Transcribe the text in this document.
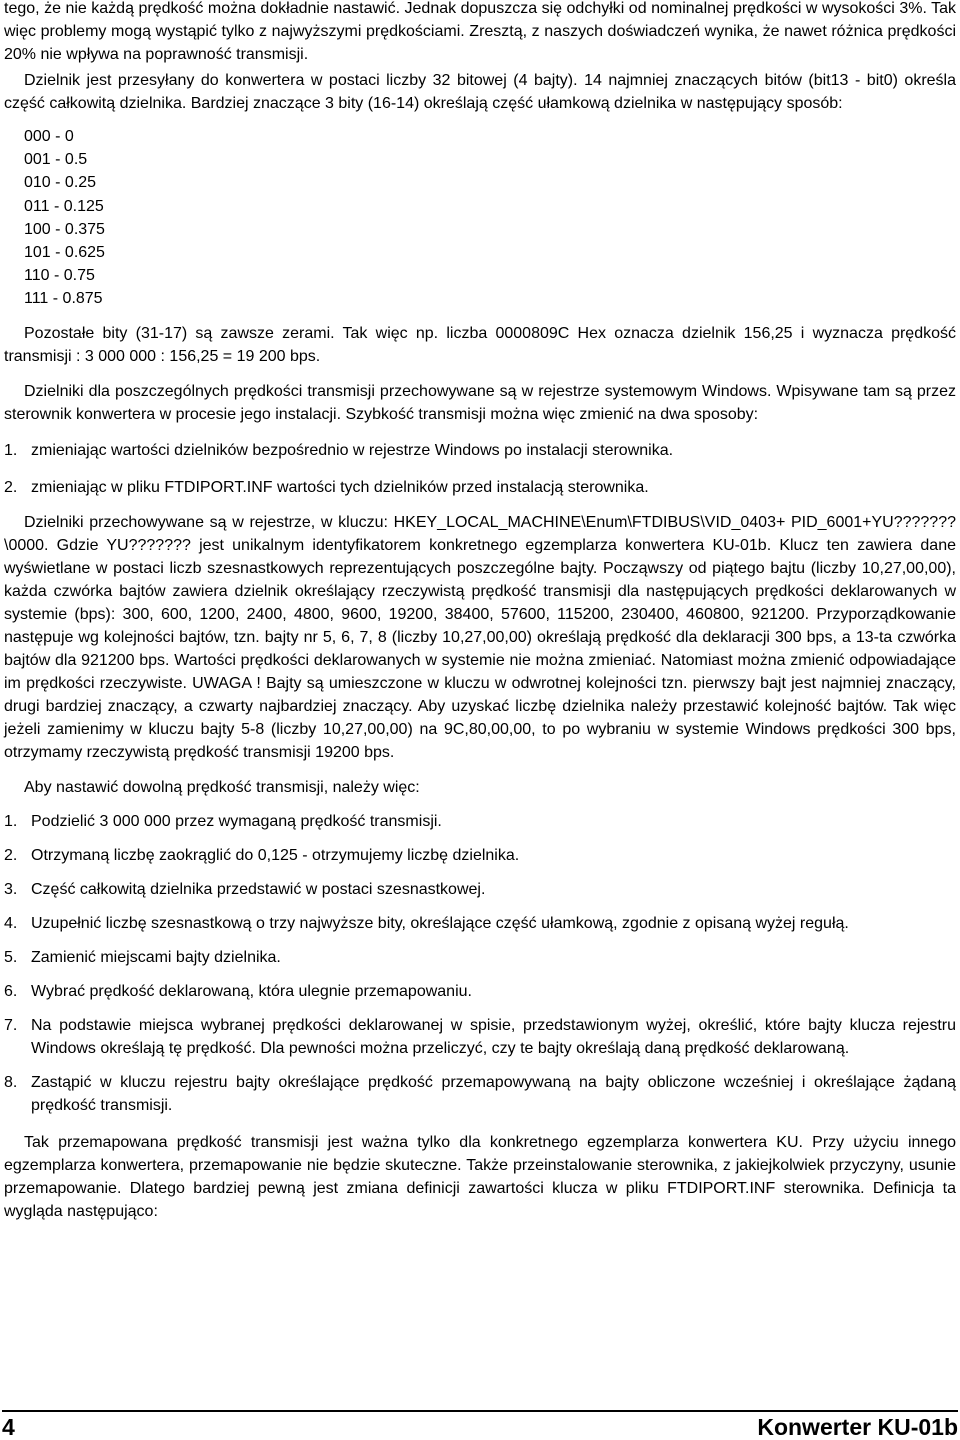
tego, że nie każdą prędkość można dokładnie nastawić. Jednak dopuszcza się odchyłki od nominalnej prędkości w wysokości 3%. Tak więc problemy mogą wystąpić tylko z najwyższymi prędkościami. Zresztą, z naszych doświadczeń wynika, że nawet różnica prędkości 20% nie wpływa na poprawność transmisji.

Dzielnik jest przesyłany do konwertera w postaci liczby 32 bitowej (4 bajty). 14 najmniej znaczących bitów (bit13 - bit0) określa część całkowitą dzielnika. Bardziej znaczące 3 bity (16-14) określają część ułamkową dzielnika w następujący sposób:

000 - 0
001 - 0.5
010 - 0.25
011 - 0.125
100 - 0.375
101 - 0.625
110 - 0.75
111 - 0.875

Pozostałe bity (31-17) są zawsze zerami. Tak więc np. liczba 0000809C Hex oznacza dzielnik 156,25 i wyznacza prędkość transmisji : 3 000 000 : 156,25 = 19 200 bps.

Dzielniki dla poszczególnych prędkości transmisji przechowywane są w rejestrze systemowym Windows. Wpisywane tam są przez sterownik konwertera w procesie jego instalacji. Szybkość transmisji można więc zmienić na dwa sposoby:

1. zmieniając wartości dzielników bezpośrednio w rejestrze Windows po instalacji sterownika.
2. zmieniając w pliku FTDIPORT.INF wartości tych dzielników przed instalacją sterownika.

Dzielniki przechowywane są w rejestrze, w kluczu: HKEY_LOCAL_MACHINE\Enum\FTDIBUS\VID_0403+ PID_6001+YU???????\0000. Gdzie YU??????? jest unikalnym identyfikatorem konkretnego egzemplarza konwertera KU-01b. Klucz ten zawiera dane wyświetlane w postaci liczb szesnastkowych reprezentujących poszczególne bajty. Począwszy od piątego bajtu (liczby 10,27,00,00), każda czwórka bajtów zawiera dzielnik określający rzeczywistą prędkość transmisji dla następujących prędkości deklarowanych w systemie (bps): 300, 600, 1200, 2400, 4800, 9600, 19200, 38400, 57600, 115200, 230400, 460800, 921200. Przyporządkowanie następuje wg kolejności bajtów, tzn. bajty nr 5, 6, 7, 8 (liczby 10,27,00,00) określają prędkość dla deklaracji 300 bps, a 13-ta czwórka bajtów dla 921200 bps. Wartości prędkości deklarowanych w systemie nie można zmieniać. Natomiast można zmienić odpowiadające im prędkości rzeczywiste. UWAGA ! Bajty są umieszczone w kluczu w odwrotnej kolejności tzn. pierwszy bajt jest najmniej znaczący, drugi bardziej znaczący, a czwarty najbardziej znaczący. Aby uzyskać liczbę dzielnika należy przestawić kolejność bajtów. Tak więc jeżeli zamienimy w kluczu bajty 5-8 (liczby 10,27,00,00) na 9C,80,00,00, to po wybraniu w systemie Windows prędkości 300 bps, otrzymamy rzeczywistą prędkość transmisji 19200 bps.

Aby nastawić dowolną prędkość transmisji, należy więc:

1. Podzielić 3 000 000 przez wymaganą prędkość transmisji.
2. Otrzymaną liczbę zaokrąglić do 0,125 - otrzymujemy liczbę dzielnika.
3. Część całkowitą dzielnika przedstawić w postaci szesnastkowej.
4. Uzupełnić liczbę szesnastkową o trzy najwyższe bity, określające część ułamkową, zgodnie z opisaną wyżej regułą.
5. Zamienić miejscami bajty dzielnika.
6. Wybrać prędkość deklarowaną, która ulegnie przemapowaniu.
7. Na podstawie miejsca wybranej prędkości deklarowanej w spisie, przedstawionym wyżej, określić, które bajty klucza rejestru Windows określają tę prędkość. Dla pewności można przeliczyć, czy te bajty określają daną prędkość deklarowaną.
8. Zastąpić w kluczu rejestru bajty określające prędkość przemapowywaną na bajty obliczone wcześniej i określające żądaną prędkość transmisji.

Tak przemapowana prędkość transmisji jest ważna tylko dla konkretnego egzemplarza konwertera KU. Przy użyciu innego egzemplarza konwertera, przemapowanie nie będzie skuteczne. Także przeinstalowanie sterownika, z jakiejkolwiek przyczyny, usunie przemapowanie. Dlatego bardziej pewną jest zmiana definicji zawartości klucza w pliku FTDIPORT.INF sterownika. Definicja ta wygląda następująco:

4	Konwerter KU-01b
